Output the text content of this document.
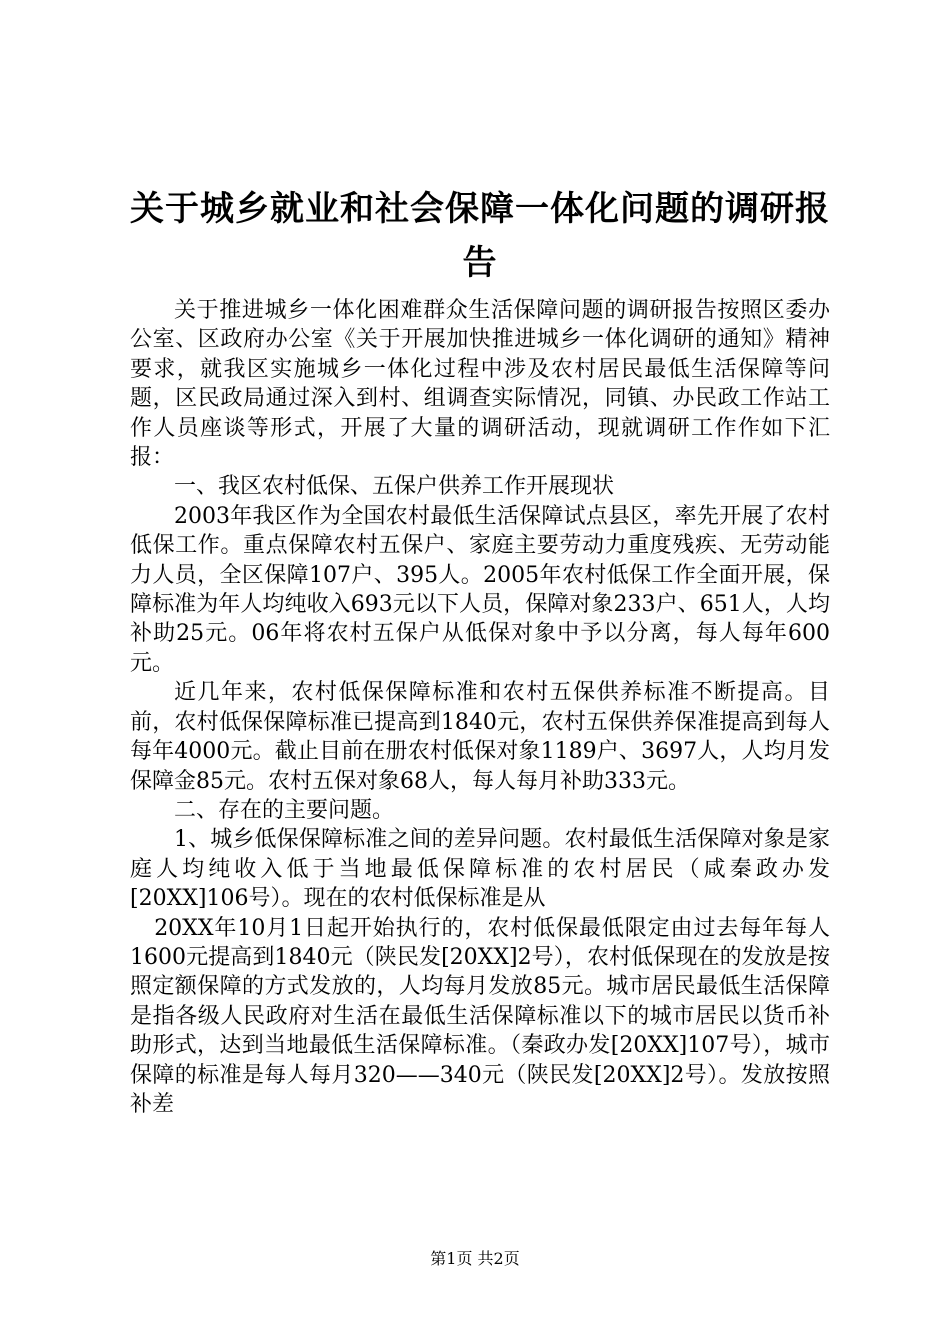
关于城乡就业和社会保障一体化问题的调研报告

关于推进城乡一体化困难群众生活保障问题的调研报告按照区委办公室、区政府办公室《关于开展加快推进城乡一体化调研的通知》精神要求，就我区实施城乡一体化过程中涉及农村居民最低生活保障等问题，区民政局通过深入到村、组调查实际情况，同镇、办民政工作站工作人员座谈等形式，开展了大量的调研活动，现就调研工作作如下汇报：

一、我区农村低保、五保户供养工作开展现状

2003年我区作为全国农村最低生活保障试点县区，率先开展了农村低保工作。重点保障农村五保户、家庭主要劳动力重度残疾、无劳动能力人员，全区保障107户、395人。2005年农村低保工作全面开展，保障标准为年人均纯收入693元以下人员，保障对象233户、651人，人均补助25元。06年将农村五保户从低保对象中予以分离，每人每年600元。

近几年来，农村低保保障标准和农村五保供养标准不断提高。目前，农村低保保障标准已提高到1840元，农村五保供养保准提高到每人每年4000元。截止目前在册农村低保对象1189户、3697人，人均月发保障金85元。农村五保对象68人，每人每月补助333元。

二、存在的主要问题。

1、城乡低保保障标准之间的差异问题。农村最低生活保障对象是家庭人均纯收入低于当地最低保障标准的农村居民（咸秦政办发[20XX]106号）。现在的农村低保标准是从

20XX年10月1日起开始执行的，农村低保最低限定由过去每年每人1600元提高到1840元（陕民发[20XX]2号），农村低保现在的发放是按照定额保障的方式发放的，人均每月发放85元。城市居民最低生活保障是指各级人民政府对生活在最低生活保障标准以下的城市居民以货币补助形式，达到当地最低生活保障标准。（秦政办发[20XX]107号），城市保障的标准是每人每月320——340元（陕民发[20XX]2号）。发放按照补差

第1页 共2页
